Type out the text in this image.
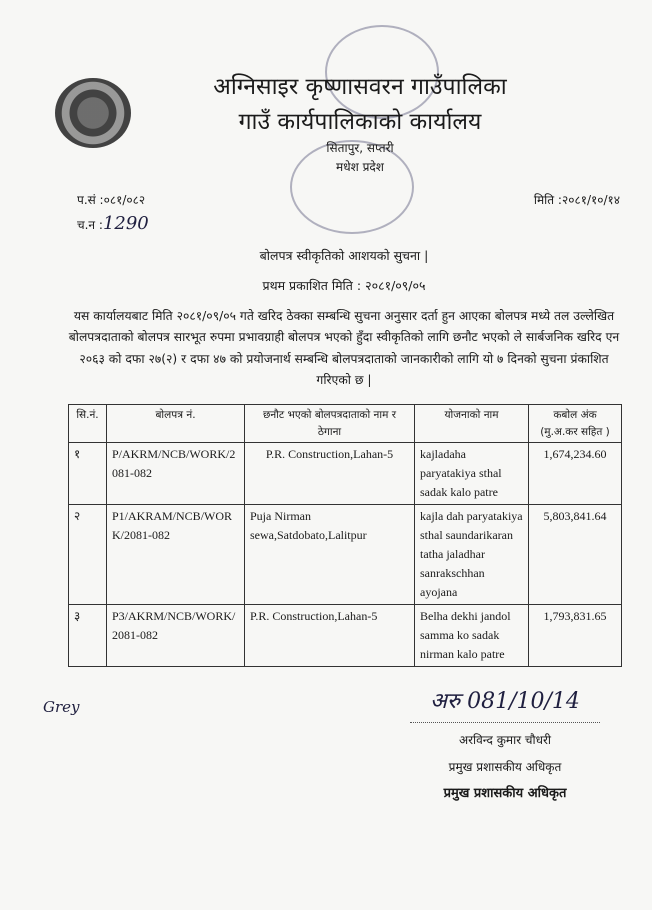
अग्निसाइर कृष्णासवरन गाउँपालिका
गाउँ कार्यपालिकाको कार्यालय
सितापुर, सप्तरी
मधेश प्रदेश
प.सं :०८१/०८२
च.न :1290
मिति :२०८१/१०/१४
बोलपत्र स्वीकृतिको आशयको सुचना |
प्रथम प्रकाशित मिति : २०८१/०९/०५
यस कार्यालयबाट मिति २०८१/०९/०५ गते खरिद ठेक्का सम्बन्धि सुचना अनुसार दर्ता हुन आएका बोलपत्र मध्ये तल उल्लेखित बोलपत्रदाताको बोलपत्र सारभूत रुपमा प्रभावग्राही बोलपत्र भएको हुँदा स्वीकृतिको लागि छनौट भएको ले सार्बजनिक खरिद एन २०६३ को दफा २७(२) र दफा ४७ को प्रयोजनार्थ सम्बन्धि बोलपत्रदाताको जानकारीको लागि यो ७ दिनको सुचना प्रंकाशित गरिएको छ |
सि.नं.	बोलपत्र नं.	छनौट भएको बोलपत्रदाताको नाम र ठेगाना	योजनाको नाम	कबोल अंक (मु.अ.कर सहित )
१	P/AKRM/NCB/WORK/2081-082	P.R. Construction,Lahan-5	kajladaha paryatakiya sthal sadak kalo patre	1,674,234.60
२	P1/AKRAM/NCB/WORK/2081-082	Puja Nirman sewa,Satdobato,Lalitpur	kajla dah paryatakiya sthal saundarikaran tatha jaladhar sanrakschhan ayojana	5,803,841.64
३	P3/AKRM/NCB/WORK/2081-082	P.R. Construction,Lahan-5	Belha dekhi jandol samma ko sadak nirman kalo patre	1,793,831.65
Grey	अरु 081/10/14
अरविन्द कुमार चौधरी
प्रमुख प्रशासकीय अधिकृत
प्रमुख प्रशासकीय अधिकृत
